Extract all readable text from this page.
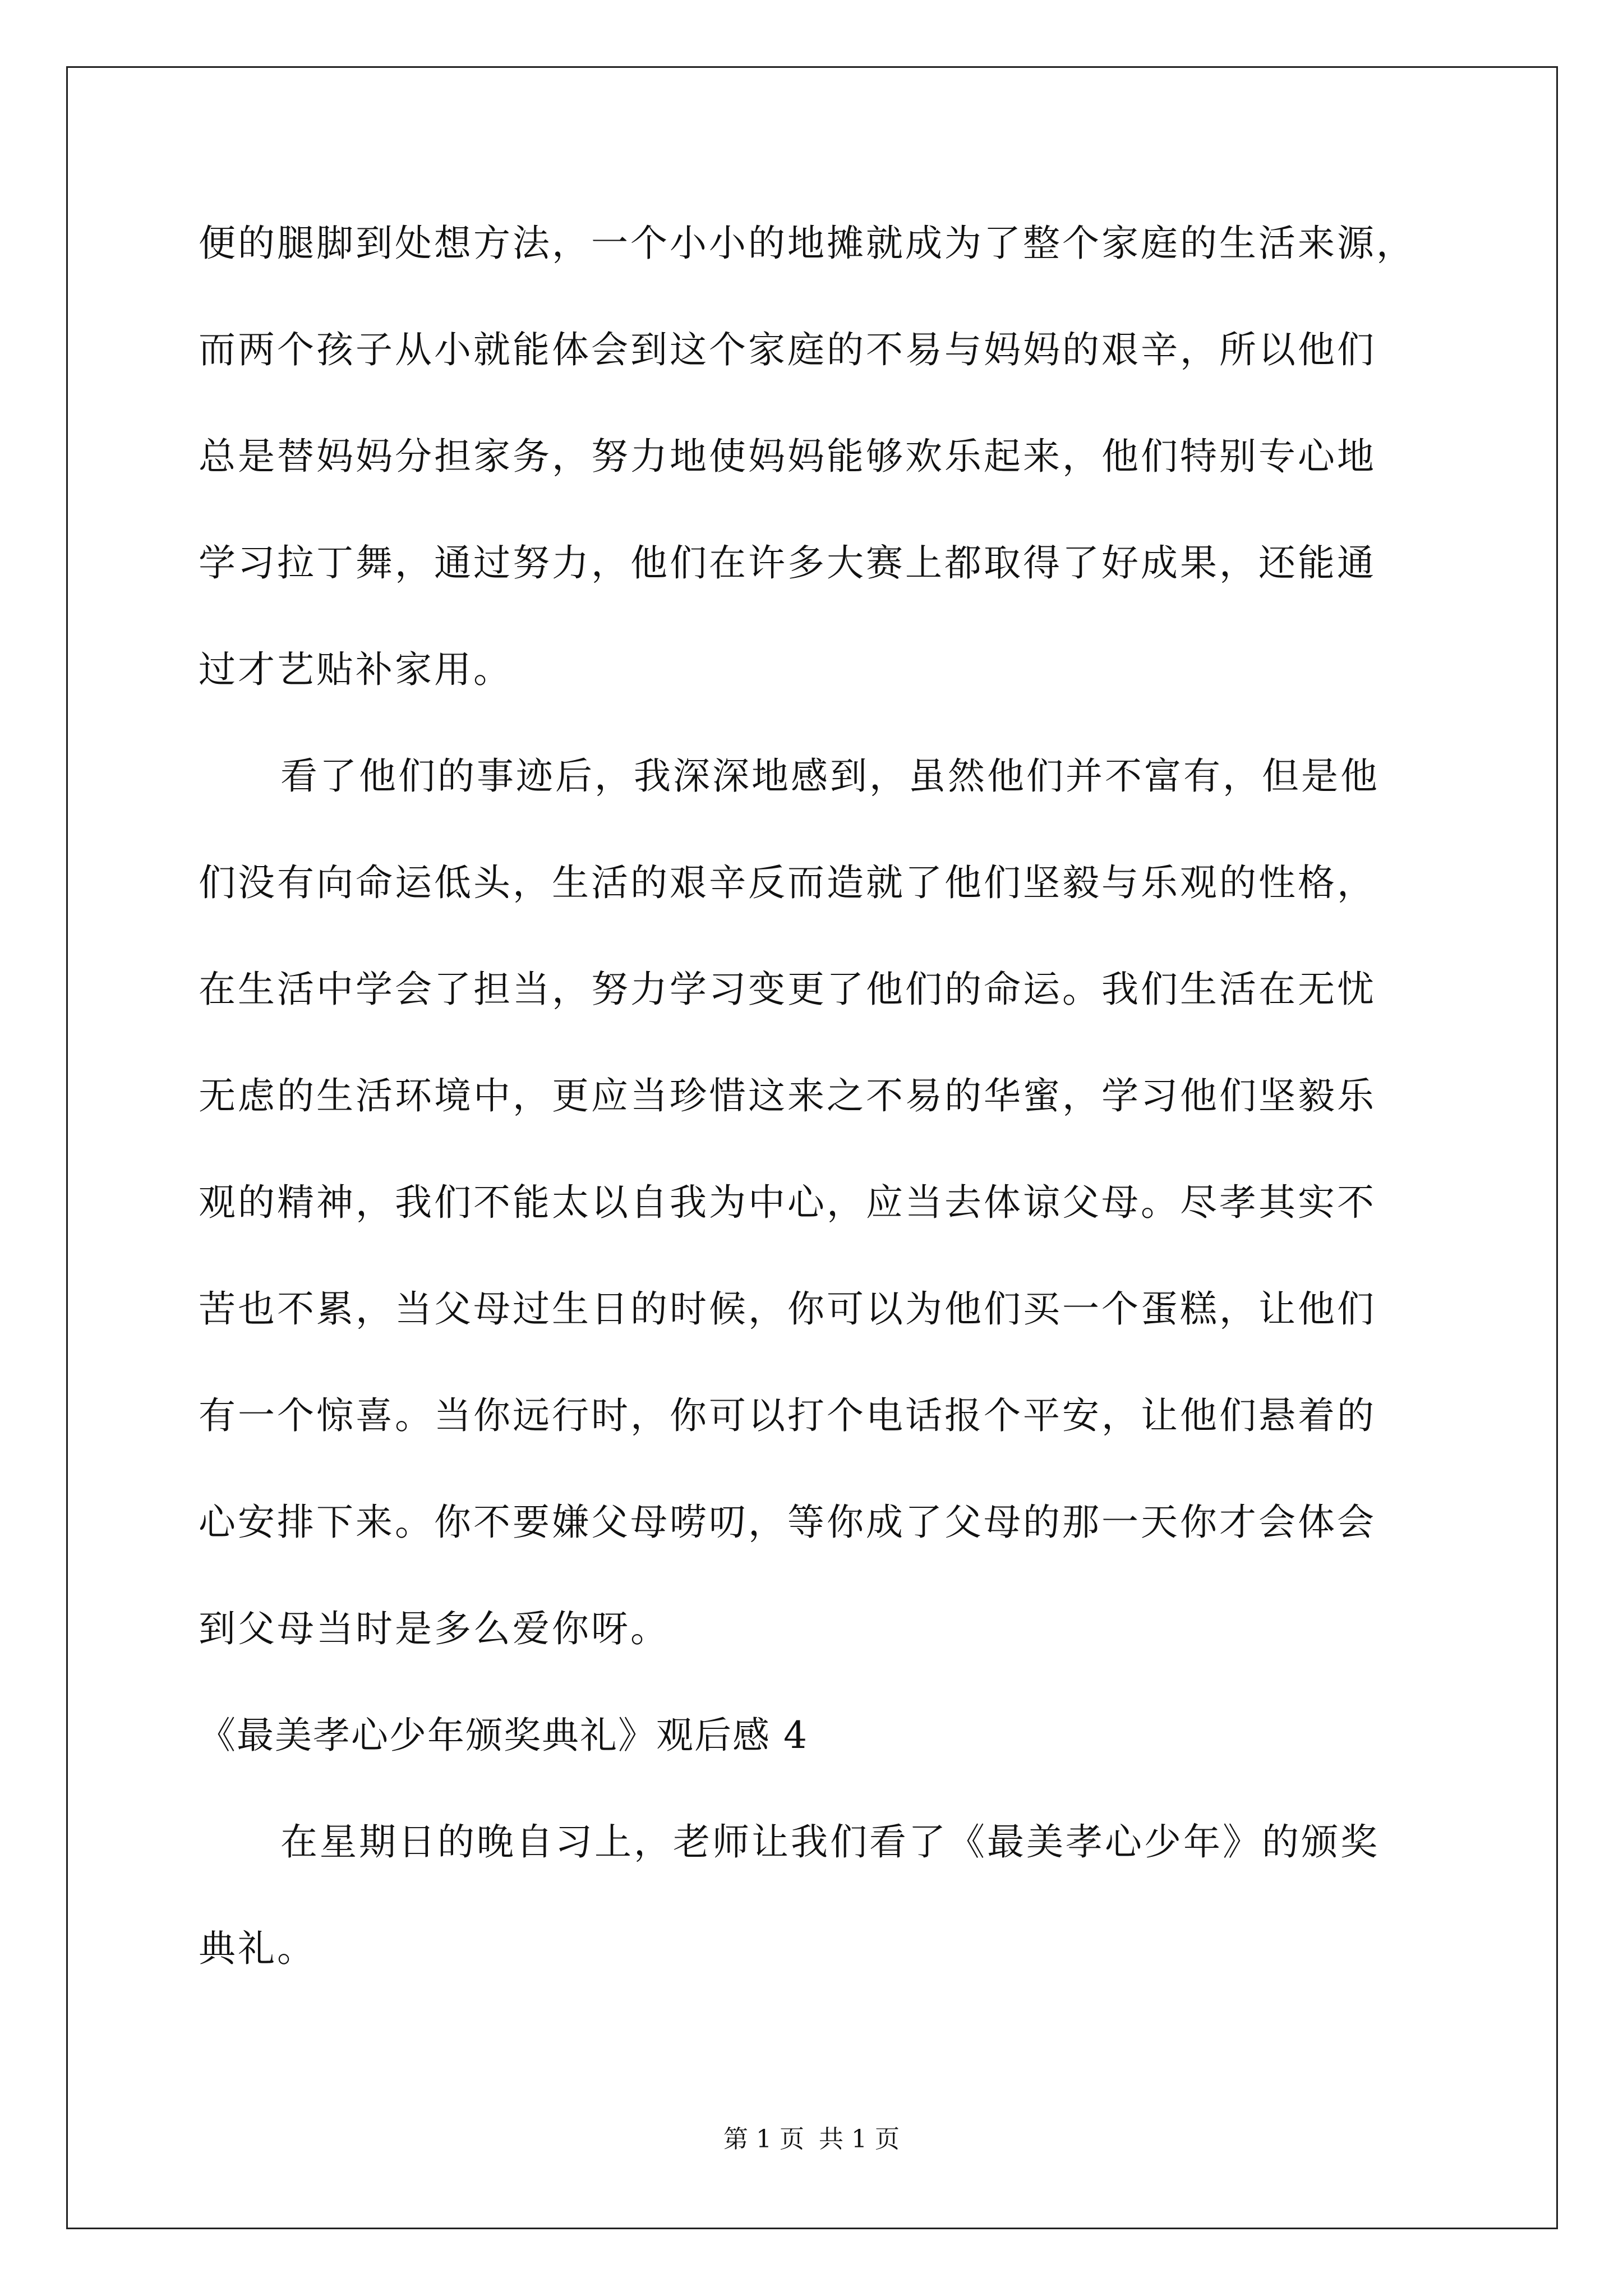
便的腿脚到处想方法，一个小小的地摊就成为了整个家庭的生活来源，
而两个孩子从小就能体会到这个家庭的不易与妈妈的艰辛，所以他们
总是替妈妈分担家务，努力地使妈妈能够欢乐起来，他们特别专心地
学习拉丁舞，通过努力，他们在许多大赛上都取得了好成果，还能通
过才艺贴补家用。
看了他们的事迹后，我深深地感到，虽然他们并不富有，但是他
们没有向命运低头，生活的艰辛反而造就了他们坚毅与乐观的性格，
在生活中学会了担当，努力学习变更了他们的命运。我们生活在无忧
无虑的生活环境中，更应当珍惜这来之不易的华蜜，学习他们坚毅乐
观的精神，我们不能太以自我为中心，应当去体谅父母。尽孝其实不
苦也不累，当父母过生日的时候，你可以为他们买一个蛋糕，让他们
有一个惊喜。当你远行时，你可以打个电话报个平安，让他们悬着的
心安排下来。你不要嫌父母唠叨，等你成了父母的那一天你才会体会
到父母当时是多么爱你呀。
《最美孝心少年颁奖典礼》观后感 4
在星期日的晚自习上，老师让我们看了《最美孝心少年》的颁奖
典礼。
第 1 页 共 1 页
